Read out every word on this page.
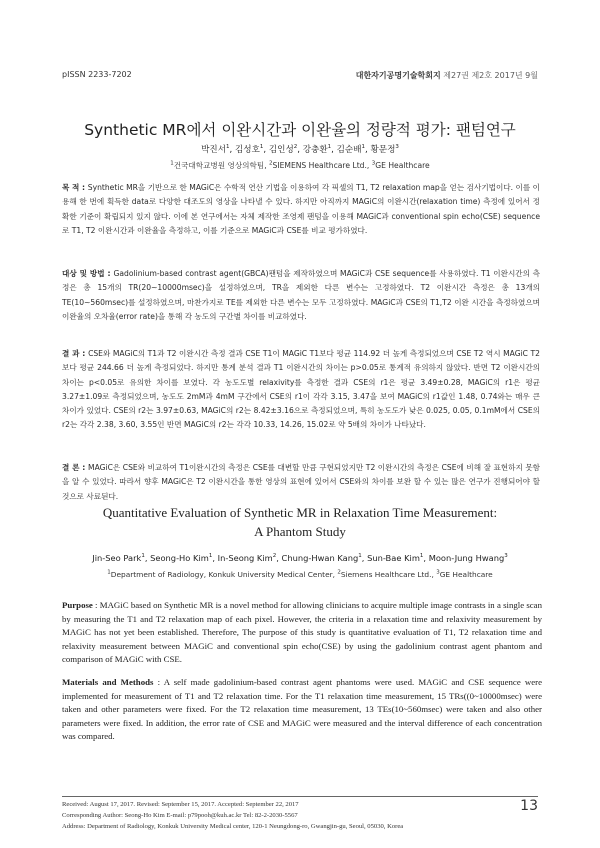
pISSN 2233-7202	대한자기공명기술학회지 제27권 제2호 2017년 9월
Synthetic MR에서 이완시간과 이완율의 정량적 평가: 팬텀연구
박진서$^1$, 김성호$^1$, 김인성$^2$, 강충환$^1$, 김순배$^1$, 황문정$^3$
$^1$건국대학교병원 영상의학팀, $^2$SIEMENS Healthcare Ltd., $^3$GE Healthcare
목 적 : Synthetic MR을 기반으로 한 MAGiC은 수학적 연산 기법을 이용하여 각 픽셀의 T1, T2 relaxation map을 얻는 검사기법이다. 이를 이용해 한 번에 획득한 data로 다양한 대조도의 영상을 나타낼 수 있다. 하지만 아직까지 MAGiC의 이완시간(relaxation time) 측정에 있어서 정확한 기준이 확립되지 있지 않다. 이에 본 연구에서는 자체 제작한 조영제 팬텀을 이용해 MAGiC과 conventional spin echo(CSE) sequence로 T1, T2 이완시간과 이완율을 측정하고, 이를 기준으로 MAGiC과 CSE를 비교 평가하였다.
대상 및 방법 : Gadolinium-based contrast agent(GBCA)팬텀을 제작하였으며 MAGiC과 CSE sequence를 사용하였다. T1 이완시간의 측정은 총 15개의 TR(20~10000msec)을 설정하였으며, TR을 제외한 다른 변수는 고정하였다. T2 이완시간 측정은 총 13개의 TE(10~560msec)를 설정하였으며, 마찬가지로 TE를 제외한 다른 변수는 모두 고정하였다. MAGiC과 CSE의 T1,T2 이완 시간을 측정하였으며 이완율의 오차율(error rate)을 통해 각 농도의 구간별 차이를 비교하였다.
결 과 : CSE와 MAGiC의 T1과 T2 이완시간 측정 결과 CSE T1이 MAGiC T1보다 평균 114.92 더 높게 측정되었으며 CSE T2 역시 MAGiC T2보다 평균 244.66 더 높게 측정되었다. 하지만 통계 분석 결과 T1 이완시간의 차이는 p>0.05로 통계적 유의하지 않았다. 반면 T2 이완시간의 차이는 p<0.05로 유의한 차이를 보였다. 각 농도도별 relaxivity를 측정한 결과 CSE의 r1은 평균 3.49±0.28, MAGiC의 r1은 평균 3.27±1.09로 측정되었으며, 농도도 2mM과 4mM 구간에서 CSE의 r1이 각각 3.15, 3.47을 보여 MAGiC의 r1값인 1.48, 0.74와는 매우 큰 차이가 있었다. CSE의 r2는 3.97±0.63, MAGiC의 r2는 8.42±3.16으로 측정되었으며, 특히 농도도가 낮은 0.025, 0.05, 0.1mM에서 CSE의 r2는 각각 2.38, 3.60, 3.55인 반면 MAGiC의 r2는 각각 10.33, 14.26, 15.02로 약 5배의 차이가 나타났다.
결 론 : MAGiC은 CSE와 비교하여 T1이완시간의 측정은 CSE를 대변할 만큼 구현되었지만 T2 이완시간의 측정은 CSE에 비해 잘 표현하지 못함을 알 수 있었다. 따라서 향후 MAGiC은 T2 이완시간을 통한 영상의 표현에 있어서 CSE와의 차이를 보완 할 수 있는 많은 연구가 진행되어야 할 것으로 사료된다.
Quantitative Evaluation of Synthetic MR in Relaxation Time Measurement:
A Phantom Study
Jin-Seo Park$^1$, Seong-Ho Kim$^1$, In-Seong Kim$^2$, Chung-Hwan Kang$^1$, Sun-Bae Kim$^1$, Moon-Jung Hwang$^3$
$^1$Department of Radiology, Konkuk University Medical Center, $^2$Siemens Healthcare Ltd., $^3$GE Healthcare
Purpose : MAGiC based on Synthetic MR is a novel method for allowing clinicians to acquire multiple image contrasts in a single scan by measuring the T1 and T2 relaxation map of each pixel. However, the criteria in a relaxation time and relaxivity measurement by MAGiC has not yet been established. Therefore, The purpose of this study is quantitative evaluation of T1, T2 relaxation time and relaxivity measurement between MAGiC and conventional spin echo(CSE) by using the gadolinium contrast agent phantom and comparison of MAGiC with CSE.
Materials and Methods : A self made gadolinium-based contrast agent phantoms were used. MAGiC and CSE sequence were implemented for measurement of T1 and T2 relaxation time. For the T1 relaxation time measurement, 15 TRs((0~10000msec) were taken and other parameters were fixed. For the T2 relaxation time measurement, 13 TEs(10~560msec) were taken and also other parameters were fixed. In addition, the error rate of CSE and MAGiC were measured and the interval difference of each concentration was compared.
Received: August 17, 2017. Revised: September 15, 2017. Accepted: September 22, 2017
Corresponding Author: Seong-Ho Kim E-mail: p79pooh@kuh.ac.kr Tel: 82-2-2030-5567
Address: Department of Radiology, Konkuk University Medical center, 120-1 Neungdong-ro, Gwangjin-gu, Seoul, 05030, Korea
13
